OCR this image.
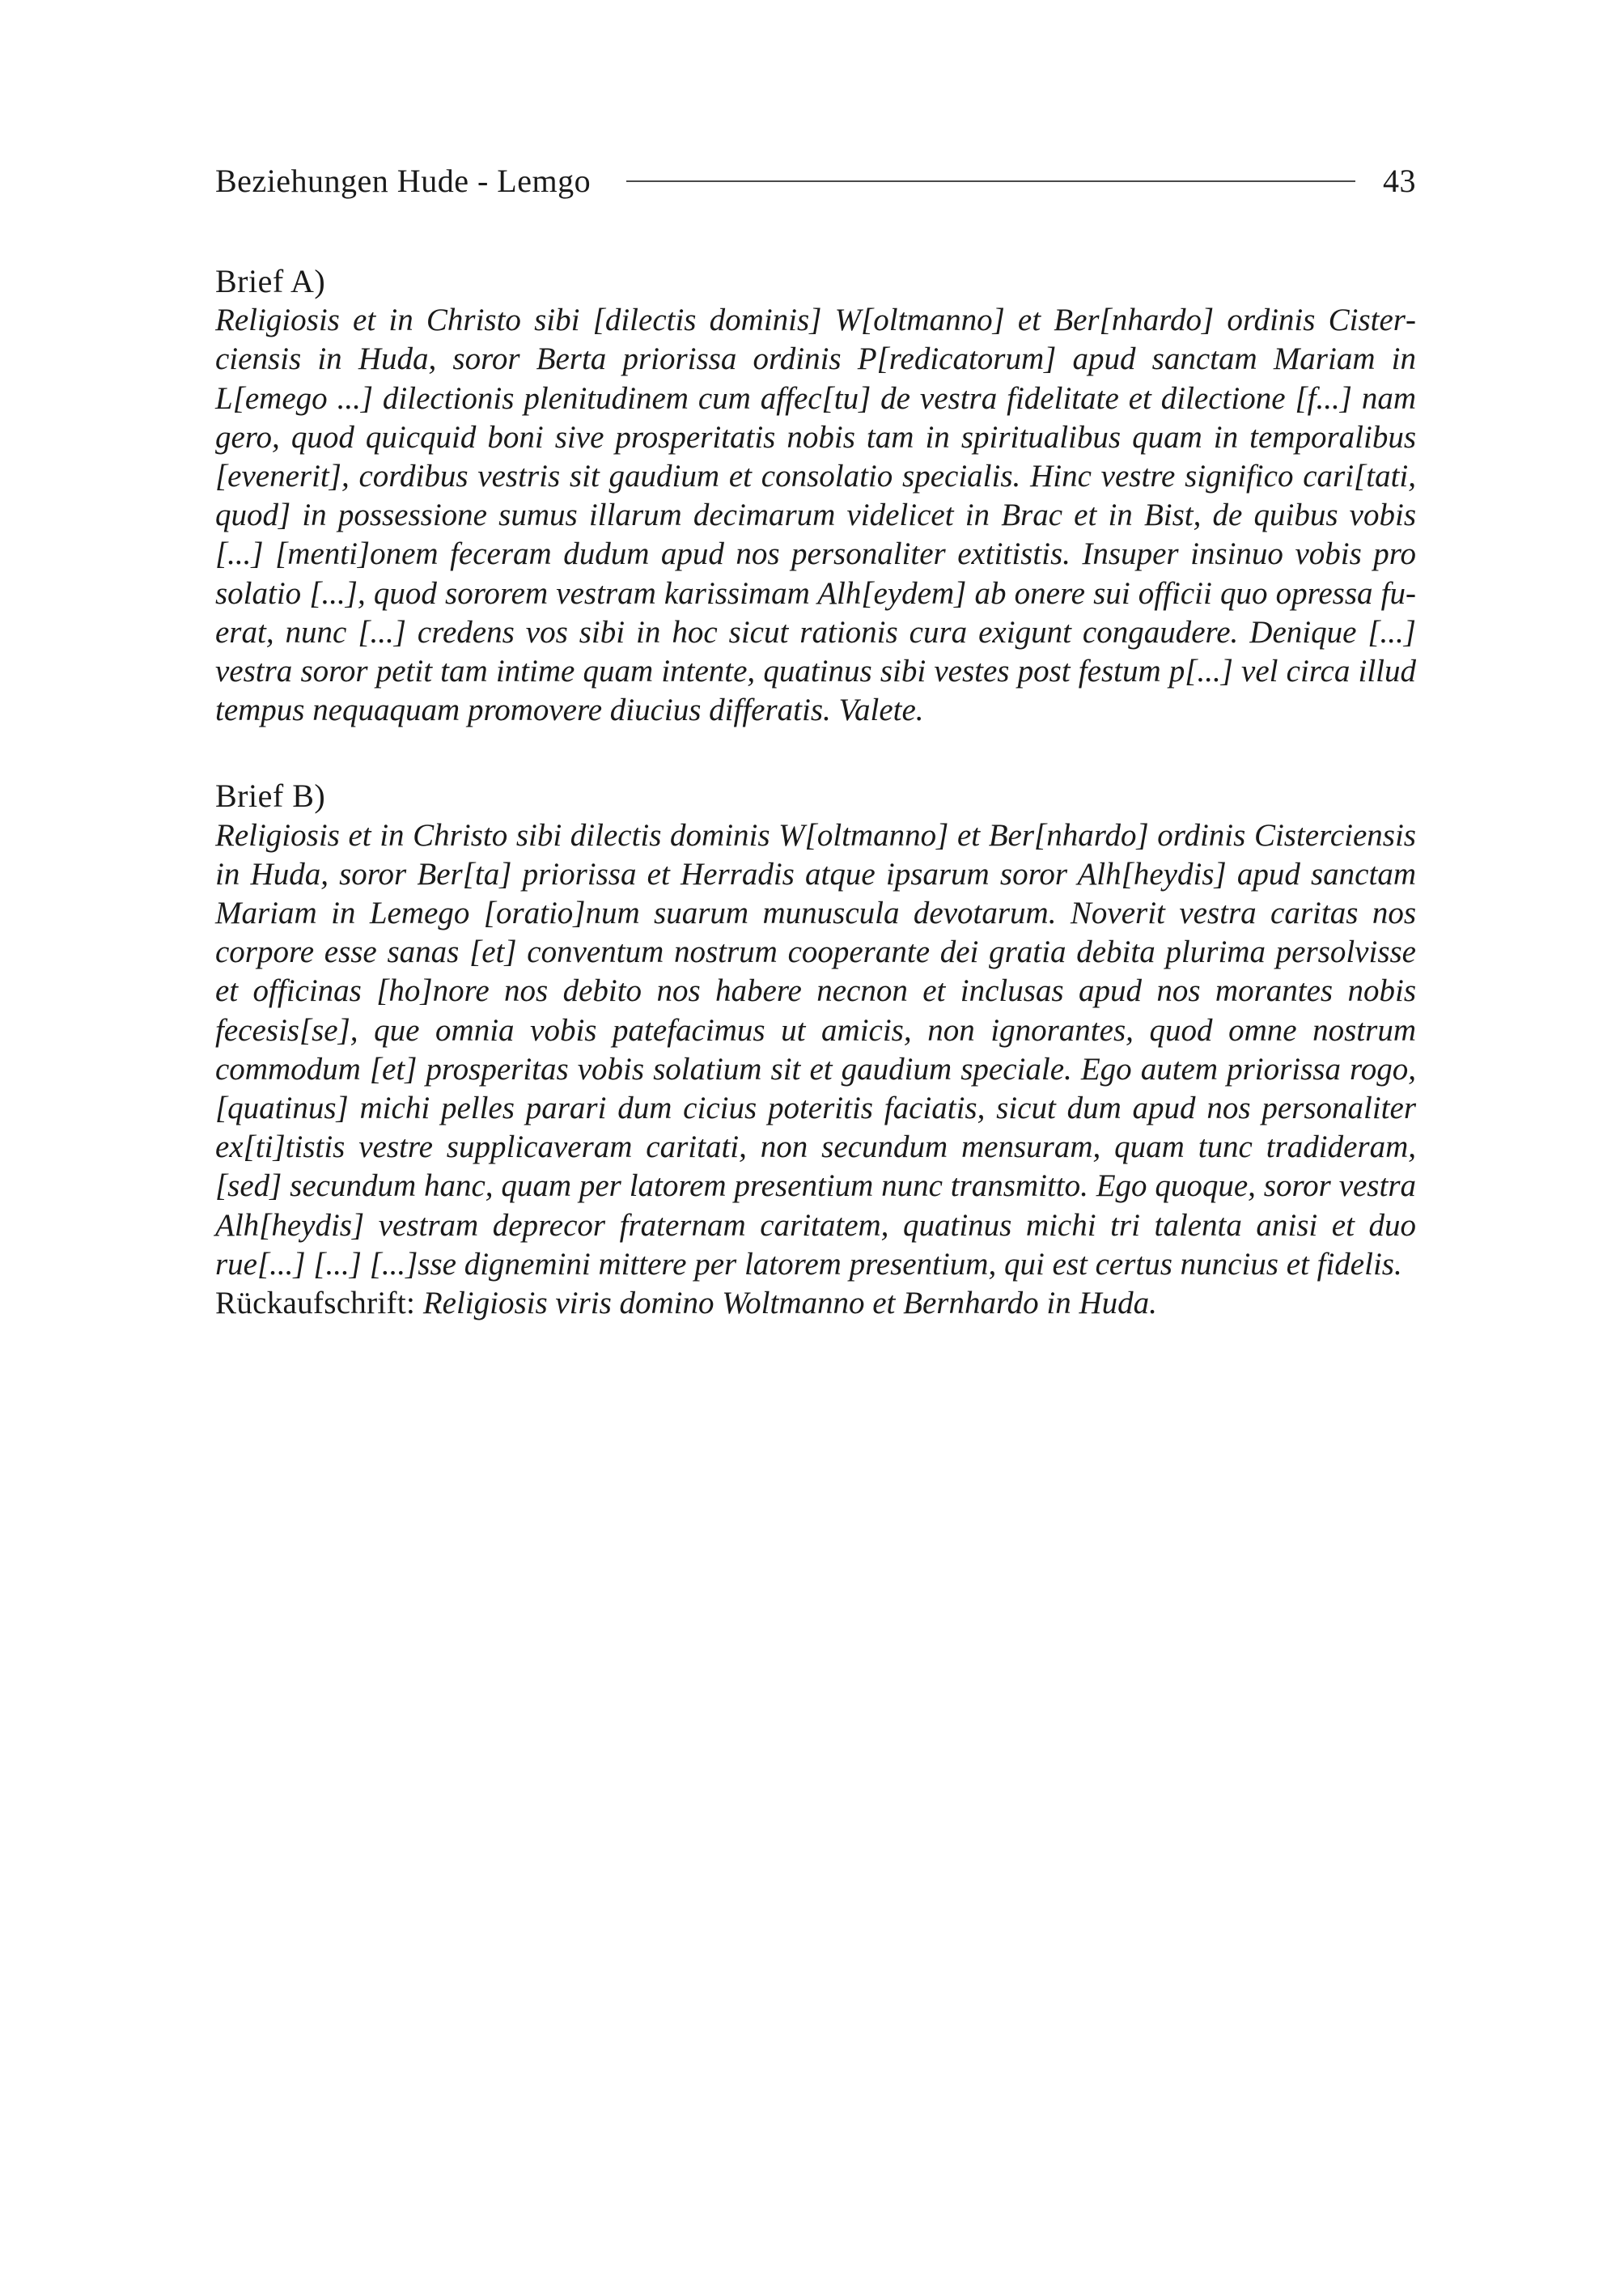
Beziehungen Hude - Lemgo	43
Brief A)
Religiosis et in Christo sibi [dilectis dominis] W[oltmanno] et Ber[nhardo] ordinis Cisterciensis in Huda, soror Berta priorissa ordinis P[redicatorum] apud sanctam Mariam in L[emego ...] dilectionis plenitudinem cum affec[tu] de vestra fidelitate et dilectione [f...] nam gero, quod quicquid boni sive prosperitatis nobis tam in spiritualibus quam in temporalibus [evenerit], cordibus vestris sit gaudium et consolatio specialis. Hinc vestre significo cari[tati, quod] in possessione sumus illarum decimarum videlicet in Brac et in Bist, de quibus vobis [...] [menti]onem feceram dudum apud nos personaliter extitistis. Insuper insinuo vobis pro solatio [...], quod sororem vestram karissimam Alh[eydem] ab onere sui officii quo opressa fuerat, nunc [...] credens vos sibi in hoc sicut rationis cura exigunt congaudere. Denique [...] vestra soror petit tam intime quam intente, quatinus sibi vestes post festum p[...] vel circa illud tempus nequaquam promovere diucius differatis. Valete.
Brief B)
Religiosis et in Christo sibi dilectis dominis W[oltmanno] et Ber[nhardo] ordinis Cisterciensis in Huda, soror Ber[ta] priorissa et Herradis atque ipsarum soror Alh[heydis] apud sanctam Mariam in Lemego [oratio]num suarum munuscula devotarum. Noverit vestra caritas nos corpore esse sanas [et] conventum nostrum cooperante dei gratia debita plurima persolvisse et officinas [ho]nore nos debito nos habere necnon et inclusas apud nos morantes nobis fecesis[se], que omnia vobis patefacimus ut amicis, non ignorantes, quod omne nostrum commodum [et] prosperitas vobis solatium sit et gaudium speciale. Ego autem priorissa rogo, [quatinus] michi pelles parari dum cicius poteritis faciatis, sicut dum apud nos personaliter ex[ti]tistis vestre supplicaveram caritati, non secundum mensuram, quam tunc tradideram, [sed] secundum hanc, quam per latorem presentium nunc transmitto. Ego quoque, soror vestra Alh[heydis] vestram deprecor fraternam caritatem, quatinus michi tri talenta anisi et duo rue[...] [...] [...]sse dignemini mittere per latorem presentium, qui est certus nuncius et fidelis.
Rückaufschrift: Religiosis viris domino Woltmanno et Bernhardo in Huda.
